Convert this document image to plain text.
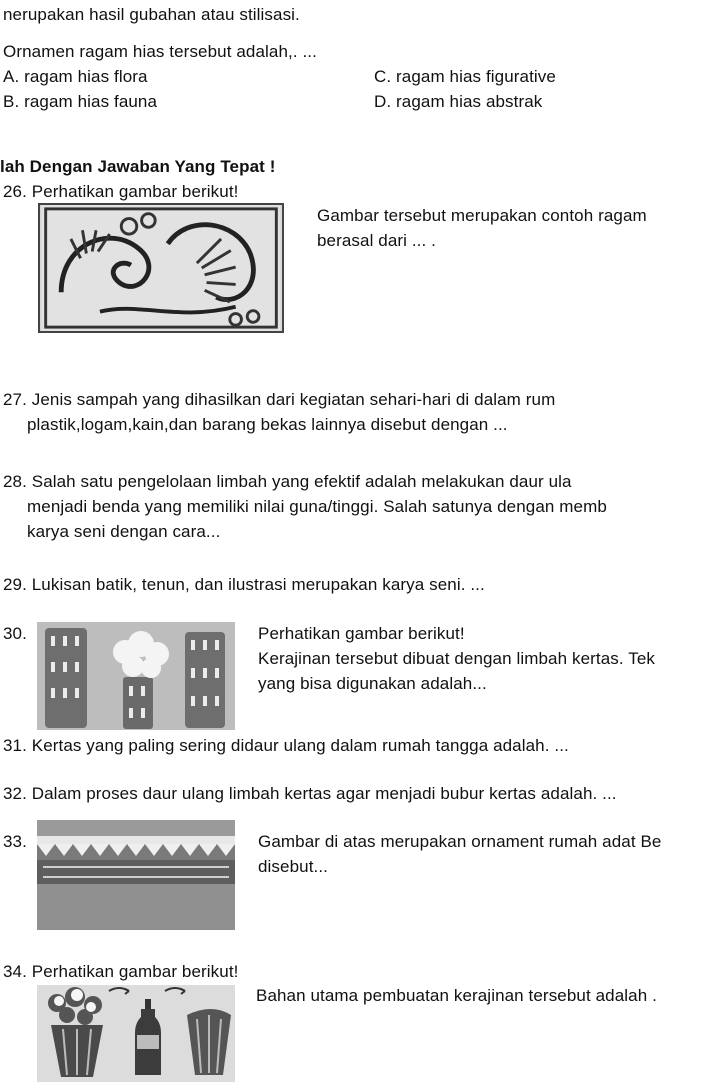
nerupakan hasil gubahan atau stilisasi.
Ornamen ragam hias tersebut adalah,. ...
A. ragam hias flora	C. ragam hias figurative
B. ragam hias fauna	D. ragam hias abstrak
lah Dengan Jawaban Yang Tepat !
26. Perhatikan gambar berikut!
Gambar tersebut merupakan contoh ragam
berasal dari ... .
27. Jenis sampah yang dihasilkan dari kegiatan sehari-hari di dalam rum
plastik,logam,kain,dan barang bekas lainnya disebut dengan ...
28. Salah satu pengelolaan limbah yang efektif adalah melakukan daur ula
menjadi benda yang memiliki nilai guna/tinggi. Salah satunya dengan memb
karya seni dengan cara...
29. Lukisan batik, tenun, dan ilustrasi merupakan karya seni. ...
30.	Perhatikan gambar berikut!
Kerajinan tersebut dibuat dengan limbah kertas. Tek
yang bisa digunakan adalah...
31. Kertas yang paling sering didaur ulang dalam rumah tangga adalah. ...
32. Dalam proses daur ulang limbah kertas agar menjadi bubur kertas adalah. ...
33.	Gambar di atas merupakan ornament rumah adat Be
disebut...
34. Perhatikan gambar berikut!
Bahan utama pembuatan kerajinan tersebut adalah .
